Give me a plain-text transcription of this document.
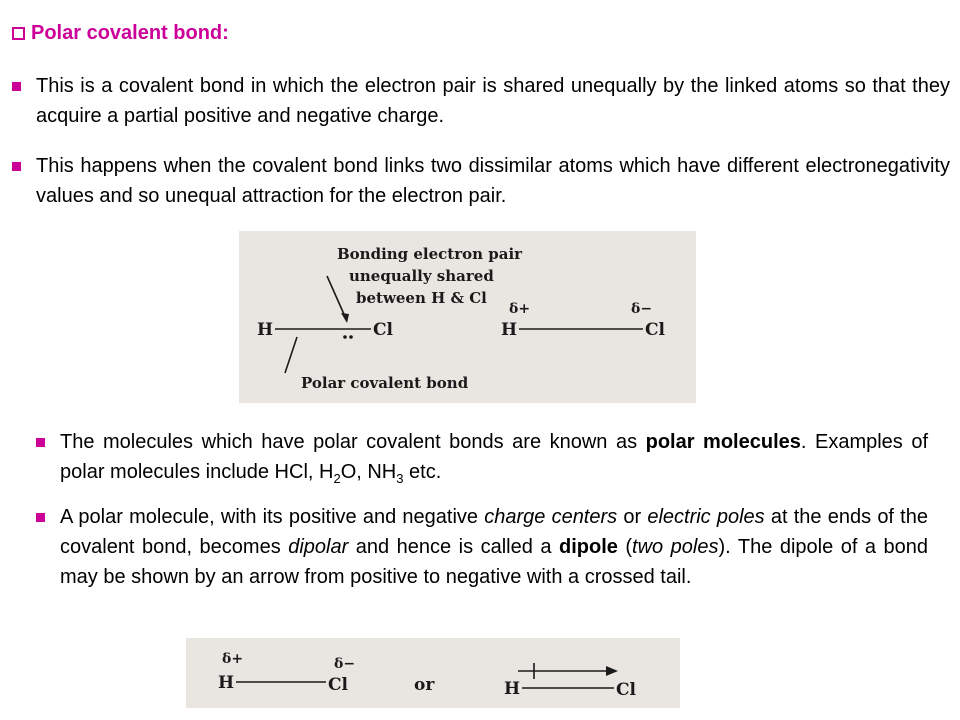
Polar covalent bond:

This is a covalent bond in which the electron pair is shared unequally by the linked atoms so that they acquire a partial positive and negative charge.

This happens when the covalent bond links two dissimilar atoms which have different electronegativity values and so unequal attraction for the electron pair.

Bonding electron pair
unequally shared
between H & Cl
H	Cl
Polar covalent bond
δ+	δ−
H	Cl

The molecules which have polar covalent bonds are known as polar molecules. Examples of polar molecules include HCl, $H_2O$, $NH_3$ etc.

A polar molecule, with its positive and negative charge centers or electric poles at the ends of the covalent bond, becomes dipolar and hence is called a dipole (two poles). The dipole of a bond may be shown by an arrow from positive to negative with a crossed tail.

δ+	δ−
H	Cl	or	H	Cl
